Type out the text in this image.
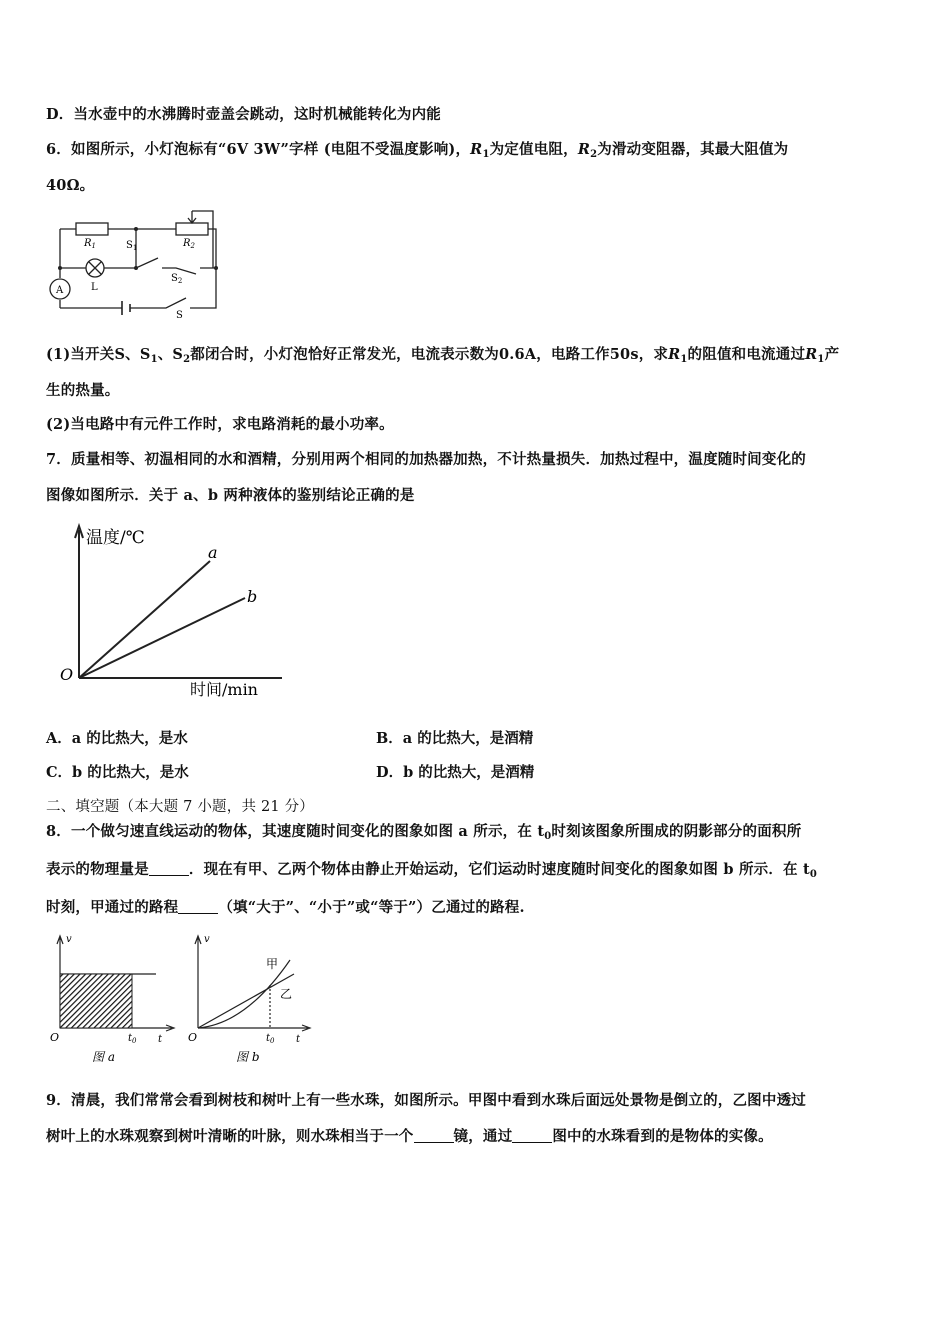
D．当水壶中的水沸腾时壶盖会跳动，这时机械能转化为内能
6．如图所示，小灯泡标有“6V 3W”字样 (电阻不受温度影响)，$R_1$为定值电阻，$R_2$为滑动变阻器，其最大阻值为
40Ω。
A
$R_1$	$R_2$
$S_1$
$S_2$
L
S
(1)当开关S、$S_1$、$S_2$都闭合时，小灯泡恰好正常发光，电流表示数为0.6A，电路工作50s，求$R_1$的阻值和电流通过$R_1$产
生的热量。
(2)当电路中有元件工作时，求电路消耗的最小功率。
7．质量相等、初温相同的水和酒精，分别用两个相同的加热器加热，不计热量损失．加热过程中，温度随时间变化的
图像如图所示．关于 a、b 两种液体的鉴别结论正确的是
温度/℃
时间/min
O
a
b
A．a 的比热大，是水	B．a 的比热大，是酒精
C．b 的比热大，是水	D．b 的比热大，是酒精
二、填空题（本大题 7 小题，共 21 分）
8．一个做匀速直线运动的物体，其速度随时间变化的图象如图 a 所示，在 $t_0$时刻该图象所围成的阴影部分的面积所
表示的物理量是	．现在有甲、乙两个物体由静止开始运动，它们运动时速度随时间变化的图象如图 b 所示．在 $t_0$
时刻，甲通过的路程	（填“大于”、“小于”或“等于”）乙通过的路程.
v
t
O	$t_0$
图 a
v
t
O	$t_0$
甲
乙
图 b
9．清晨，我们常常会看到树枝和树叶上有一些水珠，如图所示。甲图中看到水珠后面远处景物是倒立的，乙图中透过
树叶上的水珠观察到树叶清晰的叶脉，则水珠相当于一个	镜，通过	图中的水珠看到的是物体的实像。
